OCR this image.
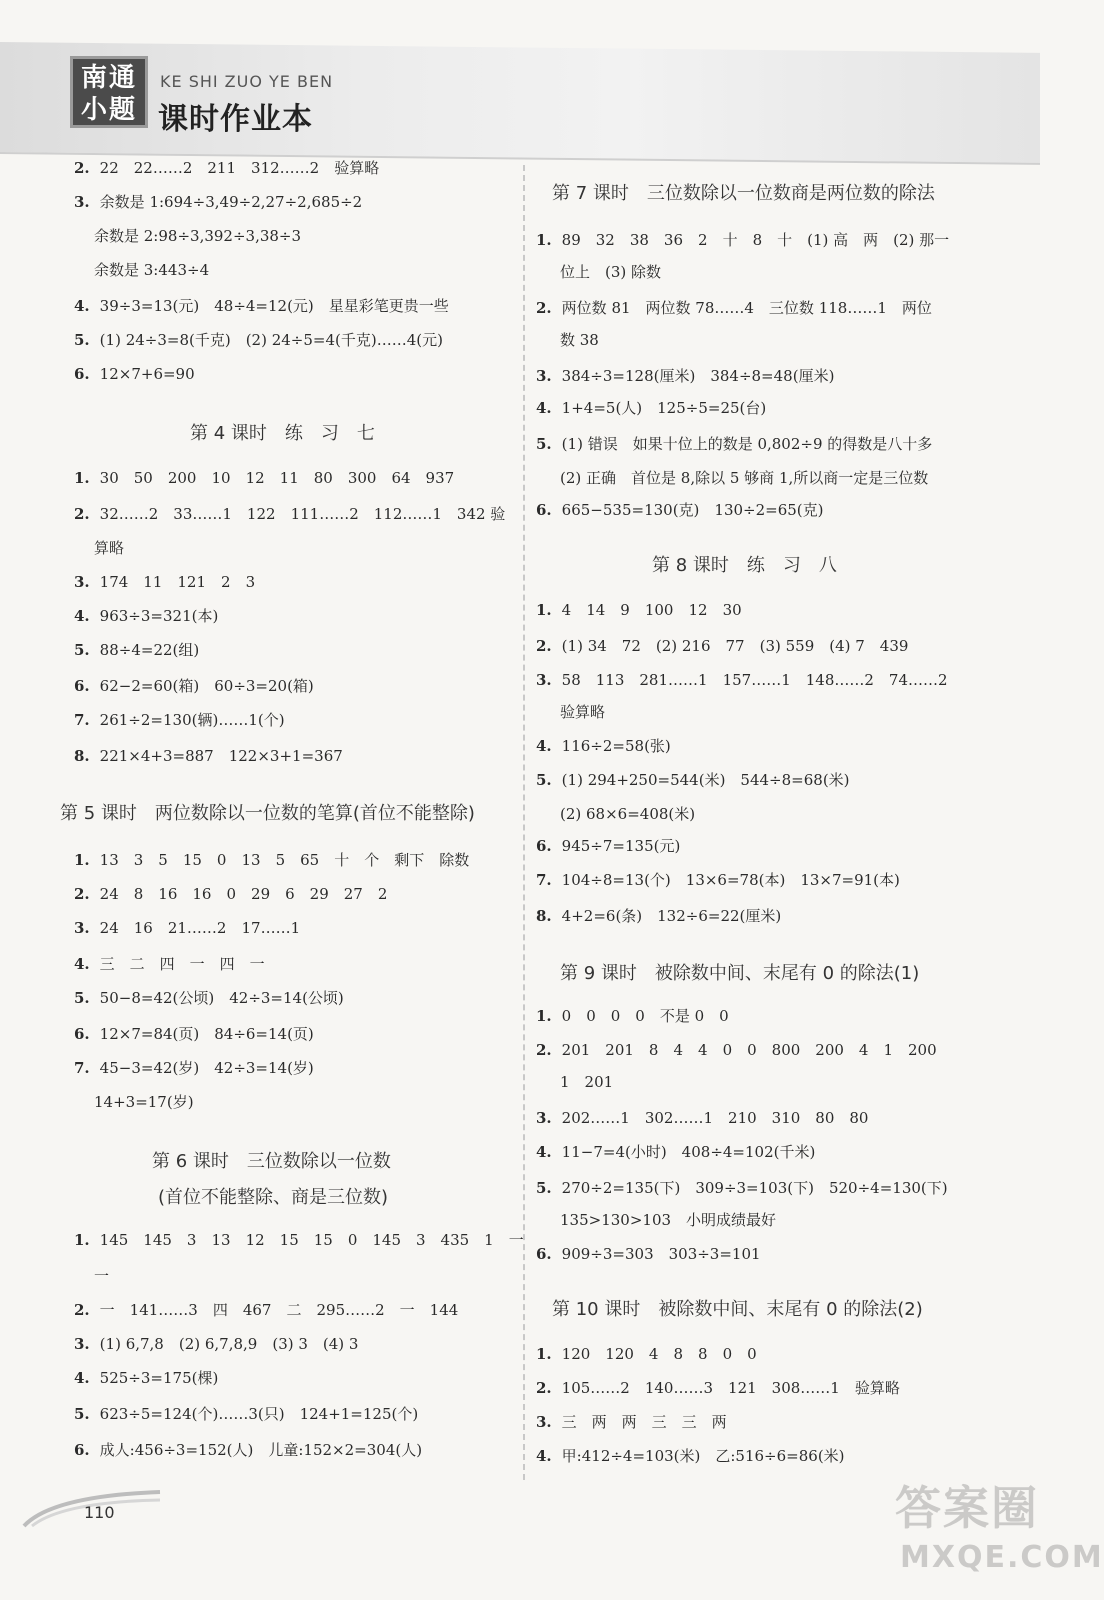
南通
小题
KE SHI ZUO YE BEN
课时作业本
2. 22　22……2　211　312……2　验算略
3. 余数是 1:694÷3,49÷2,27÷2,685÷2
余数是 2:98÷3,392÷3,38÷3
余数是 3:443÷4
4. 39÷3=13(元)　48÷4=12(元)　星星彩笔更贵一些
5. (1) 24÷3=8(千克)　(2) 24÷5=4(千克)……4(元)
6. 12×7+6=90
第 4 课时　练　习　七
1. 30　50　200　10　12　11　80　300　64　937
2. 32……2　33……1　122　111……2　112……1　342 验
算略
3. 174　11　121　2　3
4. 963÷3=321(本)
5. 88÷4=22(组)
6. 62−2=60(箱)　60÷3=20(箱)
7. 261÷2=130(辆)……1(个)
8. 221×4+3=887　122×3+1=367
第 5 课时　两位数除以一位数的笔算(首位不能整除)
1. 13　3　5　15　0　13　5　65　十　个　剩下　除数
2. 24　8　16　16　0　29　6　29　27　2
3. 24　16　21……2　17……1
4. 三　二　四　一　四　一
5. 50−8=42(公顷)　42÷3=14(公顷)
6. 12×7=84(页)　84÷6=14(页)
7. 45−3=42(岁)　42÷3=14(岁)
14+3=17(岁)
第 6 课时　三位数除以一位数
(首位不能整除、商是三位数)
1. 145　145　3　13　12　15　15　0　145　3　435　1　一
一
2. 一　141……3　四　467　二　295……2　一　144
3. (1) 6,7,8　(2) 6,7,8,9　(3) 3　(4) 3
4. 525÷3=175(棵)
5. 623÷5=124(个)……3(只)　124+1=125(个)
6. 成人:456÷3=152(人)　儿童:152×2=304(人)
第 7 课时　三位数除以一位数商是两位数的除法
1. 89　32　38　36　2　十　8　十　(1) 高　两　(2) 那一
位上　(3) 除数
2. 两位数 81　两位数 78……4　三位数 118……1　两位
数 38
3. 384÷3=128(厘米)　384÷8=48(厘米)
4. 1+4=5(人)　125÷5=25(台)
5. (1) 错误　如果十位上的数是 0,802÷9 的得数是八十多
(2) 正确　首位是 8,除以 5 够商 1,所以商一定是三位数
6. 665−535=130(克)　130÷2=65(克)
第 8 课时　练　习　八
1. 4　14　9　100　12　30
2. (1) 34　72　(2) 216　77　(3) 559　(4) 7　439
3. 58　113　281……1　157……1　148……2　74……2
验算略
4. 116÷2=58(张)
5. (1) 294+250=544(米)　544÷8=68(米)
(2) 68×6=408(米)
6. 945÷7=135(元)
7. 104÷8=13(个)　13×6=78(本)　13×7=91(本)
8. 4+2=6(条)　132÷6=22(厘米)
第 9 课时　被除数中间、末尾有 0 的除法(1)
1. 0　0　0　0　不是 0　0
2. 201　201　8　4　4　0　0　800　200　4　1　200
1　201
3. 202……1　302……1　210　310　80　80
4. 11−7=4(小时)　408÷4=102(千米)
5. 270÷2=135(下)　309÷3=103(下)　520÷4=130(下)
135>130>103　小明成绩最好
6. 909÷3=303　303÷3=101
第 10 课时　被除数中间、末尾有 0 的除法(2)
1. 120　120　4　8　8　0　0
2. 105……2　140……3　121　308……1　验算略
3. 三　两　两　三　三　两
4. 甲:412÷4=103(米)　乙:516÷6=86(米)
110	答案圈
MXQE.COM
